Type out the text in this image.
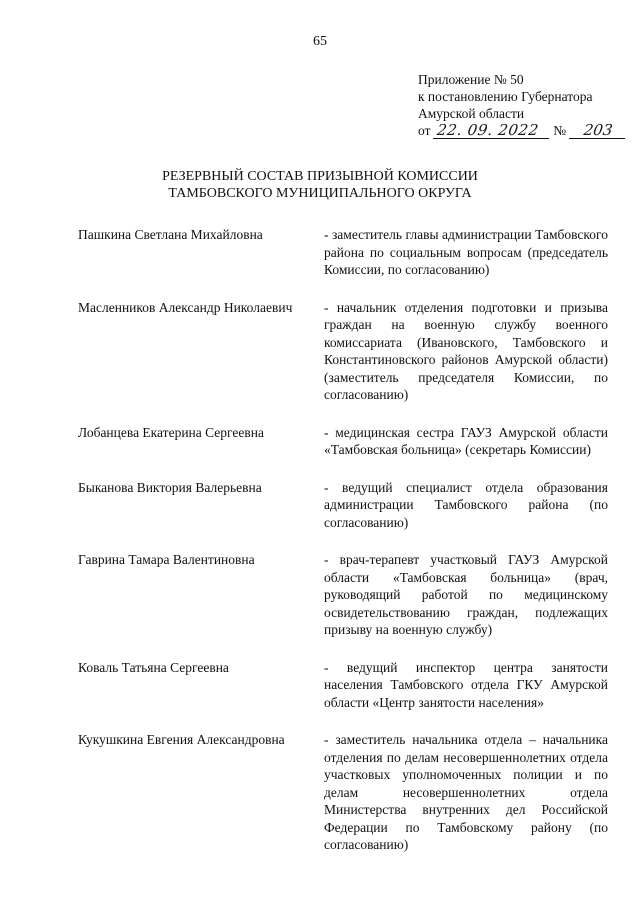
65
Приложение № 50
к постановлению Губернатора
Амурской области
от 22. 09. 2022 № 203
РЕЗЕРВНЫЙ СОСТАВ ПРИЗЫВНОЙ КОМИССИИ
ТАМБОВСКОГО МУНИЦИПАЛЬНОГО ОКРУГА
Пашкина Светлана Михайловна	- заместитель главы администрации Тамбовского района по социальным вопросам (председатель Комиссии, по согласованию)
Масленников Александр Николаевич	- начальник отделения подготовки и призыва граждан на военную службу военного комиссариата (Ивановского, Тамбовского и Константиновского районов Амурской области) (заместитель председателя Комиссии, по согласованию)
Лобанцева Екатерина Сергеевна	- медицинская сестра ГАУЗ Амурской области «Тамбовская больница» (секретарь Комиссии)
Быканова Виктория Валерьевна	- ведущий специалист отдела образования администрации Тамбовского района (по согласованию)
Гаврина Тамара Валентиновна	- врач-терапевт участковый ГАУЗ Амурской области «Тамбовская больница» (врач, руководящий работой по медицинскому освидетельствованию граждан, подлежащих призыву на военную службу)
Коваль Татьяна Сергеевна	- ведущий инспектор центра занятости населения Тамбовского отдела ГКУ Амурской области «Центр занятости населения»
Кукушкина Евгения Александровна	- заместитель начальника отдела – начальника отделения по делам несовершеннолетних отдела участковых уполномоченных полиции и по делам несовершеннолетних отдела Министерства внутренних дел Российской Федерации по Тамбовскому району (по согласованию)
